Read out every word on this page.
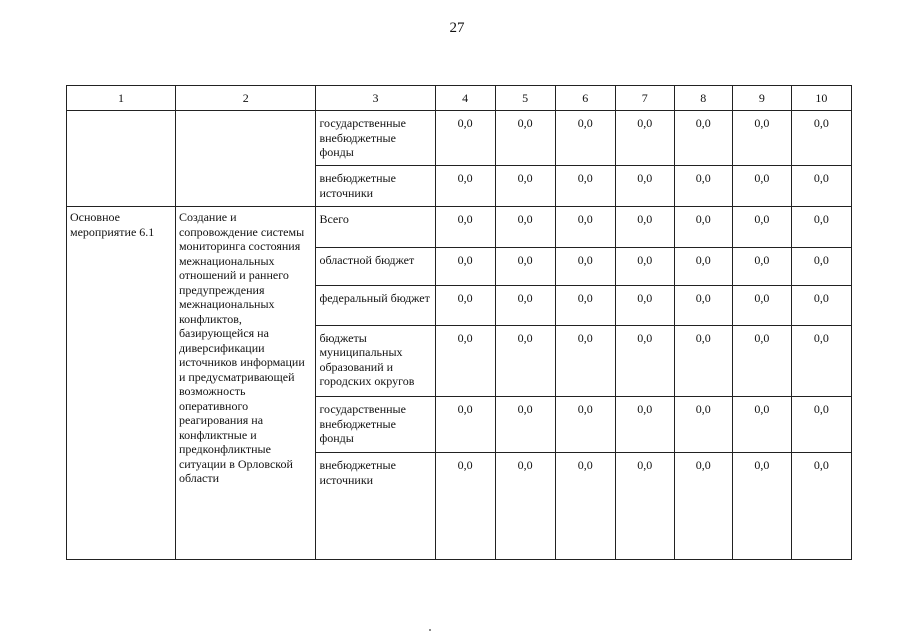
27
1	2	3	4	5	6	7	8	9	10
		государственные внебюджетные фонды	0,0	0,0	0,0	0,0	0,0	0,0	0,0
		внебюджетные источники	0,0	0,0	0,0	0,0	0,0	0,0	0,0
Основное мероприятие 6.1	Создание и сопровождение системы мониторинга состояния межнациональных отношений и раннего предупреждения межнациональных конфликтов, базирующейся на диверсификации источников информации и предусматривающей возможность оперативного реагирования на конфликтные и предконфликтные ситуации в Орловской области	Всего	0,0	0,0	0,0	0,0	0,0	0,0	0,0
		областной бюджет	0,0	0,0	0,0	0,0	0,0	0,0	0,0
		федеральный бюджет	0,0	0,0	0,0	0,0	0,0	0,0	0,0
		бюджеты муниципальных образований и городских округов	0,0	0,0	0,0	0,0	0,0	0,0	0,0
		государственные внебюджетные фонды	0,0	0,0	0,0	0,0	0,0	0,0	0,0
		внебюджетные источники	0,0	0,0	0,0	0,0	0,0	0,0	0,0
